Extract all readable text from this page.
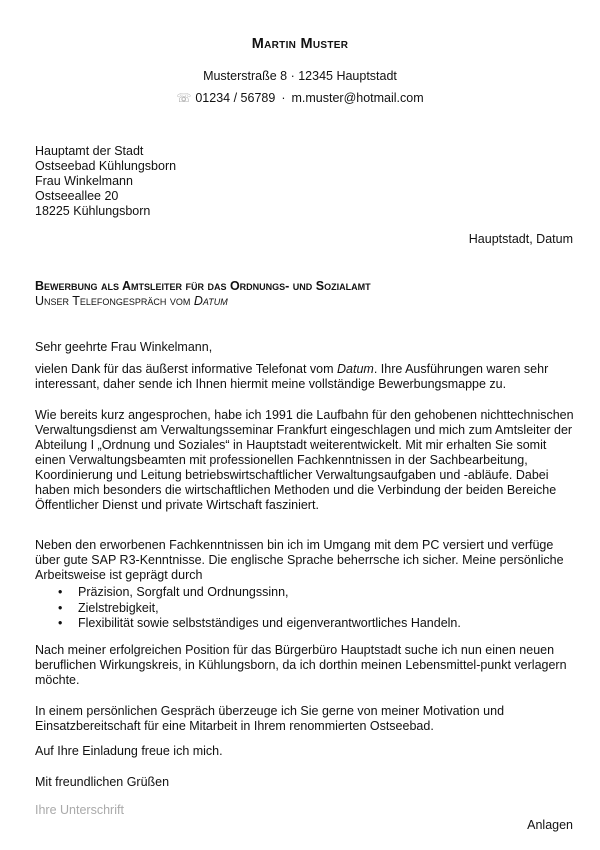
Martin Muster
Musterstraße 8 · 12345 Hauptstadt
☏ 01234 / 56789 · m.muster@hotmail.com
Hauptamt der Stadt
Ostseebad Kühlungsborn
Frau Winkelmann
Ostseeallee 20
18225 Kühlungsborn
Hauptstadt, Datum
Bewerbung als Amtsleiter für das Ordnungs- und Sozialamt
Unser Telefongespräch vom Datum
Sehr geehrte Frau Winkelmann,
vielen Dank für das äußerst informative Telefonat vom Datum. Ihre Ausführungen waren sehr interessant, daher sende ich Ihnen hiermit meine vollständige Bewerbungsmappe zu.
Wie bereits kurz angesprochen, habe ich 1991 die Laufbahn für den gehobenen nichttechnischen Verwaltungsdienst am Verwaltungsseminar Frankfurt eingeschlagen und mich zum Amtsleiter der Abteilung I „Ordnung und Soziales“ in Hauptstadt weiterentwickelt. Mit mir erhalten Sie somit einen Verwaltungsbeamten mit professionellen Fachkenntnissen in der Sachbearbeitung, Koordinierung und Leitung betriebswirtschaftlicher Verwaltungsaufgaben und -abläufe. Dabei haben mich besonders die wirtschaftlichen Methoden und die Verbindung der beiden Bereiche Öffentlicher Dienst und private Wirtschaft fasziniert.
Neben den erworbenen Fachkenntnissen bin ich im Umgang mit dem PC versiert und verfüge über gute SAP R3-Kenntnisse. Die englische Sprache beherrsche ich sicher. Meine persönliche Arbeitsweise ist geprägt durch
• Präzision, Sorgfalt und Ordnungssinn,
• Zielstrebigkeit,
• Flexibilität sowie selbstständiges und eigenverantwortliches Handeln.
Nach meiner erfolgreichen Position für das Bürgerbüro Hauptstadt suche ich nun einen neuen beruflichen Wirkungskreis, in Kühlungsborn, da ich dorthin meinen Lebensmittel-punkt verlagern möchte.
In einem persönlichen Gespräch überzeuge ich Sie gerne von meiner Motivation und Einsatzbereitschaft für eine Mitarbeit in Ihrem renommierten Ostseebad.
Auf Ihre Einladung freue ich mich.
Mit freundlichen Grüßen
Ihre Unterschrift
Anlagen
